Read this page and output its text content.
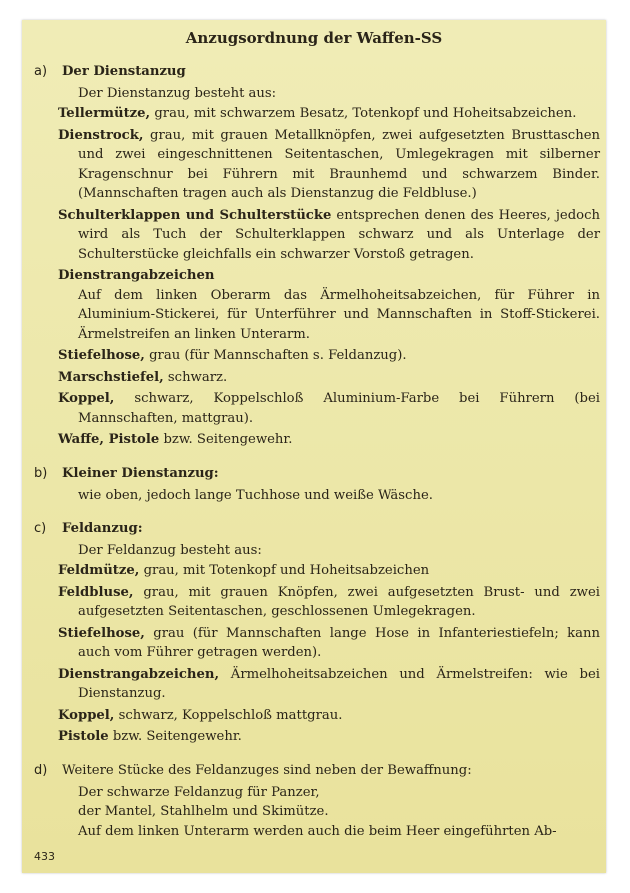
Anzugsordnung der Waffen-SS
a)	Der Dienstanzug
Der Dienstanzug besteht aus:
Tellermütze, grau, mit schwarzem Besatz, Totenkopf und Hoheitsabzeichen.
Dienstrock, grau, mit grauen Metallknöpfen, zwei aufgesetzten Brusttaschen und zwei eingeschnittenen Seitentaschen, Umlegekragen mit silberner Kragenschnur bei Führern mit Braunhemd und schwarzem Binder. (Mannschaften tragen auch als Dienstanzug die Feldbluse.)
Schulterklappen und Schulterstücke entsprechen denen des Heeres, jedoch wird als Tuch der Schulterklappen schwarz und als Unterlage der Schulterstücke gleichfalls ein schwarzer Vorstoß getragen.
Dienstrangabzeichen
Auf dem linken Oberarm das Ärmelhoheitsabzeichen, für Führer in Aluminium-Stickerei, für Unterführer und Mannschaften in Stoff-Stickerei. Ärmelstreifen an linken Unterarm.
Stiefelhose, grau (für Mannschaften s. Feldanzug).
Marschstiefel, schwarz.
Koppel, schwarz, Koppelschloß Aluminium-Farbe bei Führern (bei Mannschaften, mattgrau).
Waffe, Pistole bzw. Seitengewehr.
b)	Kleiner Dienstanzug:
wie oben, jedoch lange Tuchhose und weiße Wäsche.
c)	Feldanzug:
Der Feldanzug besteht aus:
Feldmütze, grau, mit Totenkopf und Hoheitsabzeichen
Feldbluse, grau, mit grauen Knöpfen, zwei aufgesetzten Brust- und zwei aufgesetzten Seitentaschen, geschlossenen Umlegekragen.
Stiefelhose, grau (für Mannschaften lange Hose in Infanteriestiefeln; kann auch vom Führer getragen werden).
Dienstrangabzeichen, Ärmelhoheitsabzeichen und Ärmelstreifen: wie bei Dienstanzug.
Koppel, schwarz, Koppelschloß mattgrau.
Pistole bzw. Seitengewehr.
d)	Weitere Stücke des Feldanzuges sind neben der Bewaffnung:
Der schwarze Feldanzug für Panzer,
der Mantel, Stahlhelm und Skimütze.
Auf dem linken Unterarm werden auch die beim Heer eingeführten Ab-
433
